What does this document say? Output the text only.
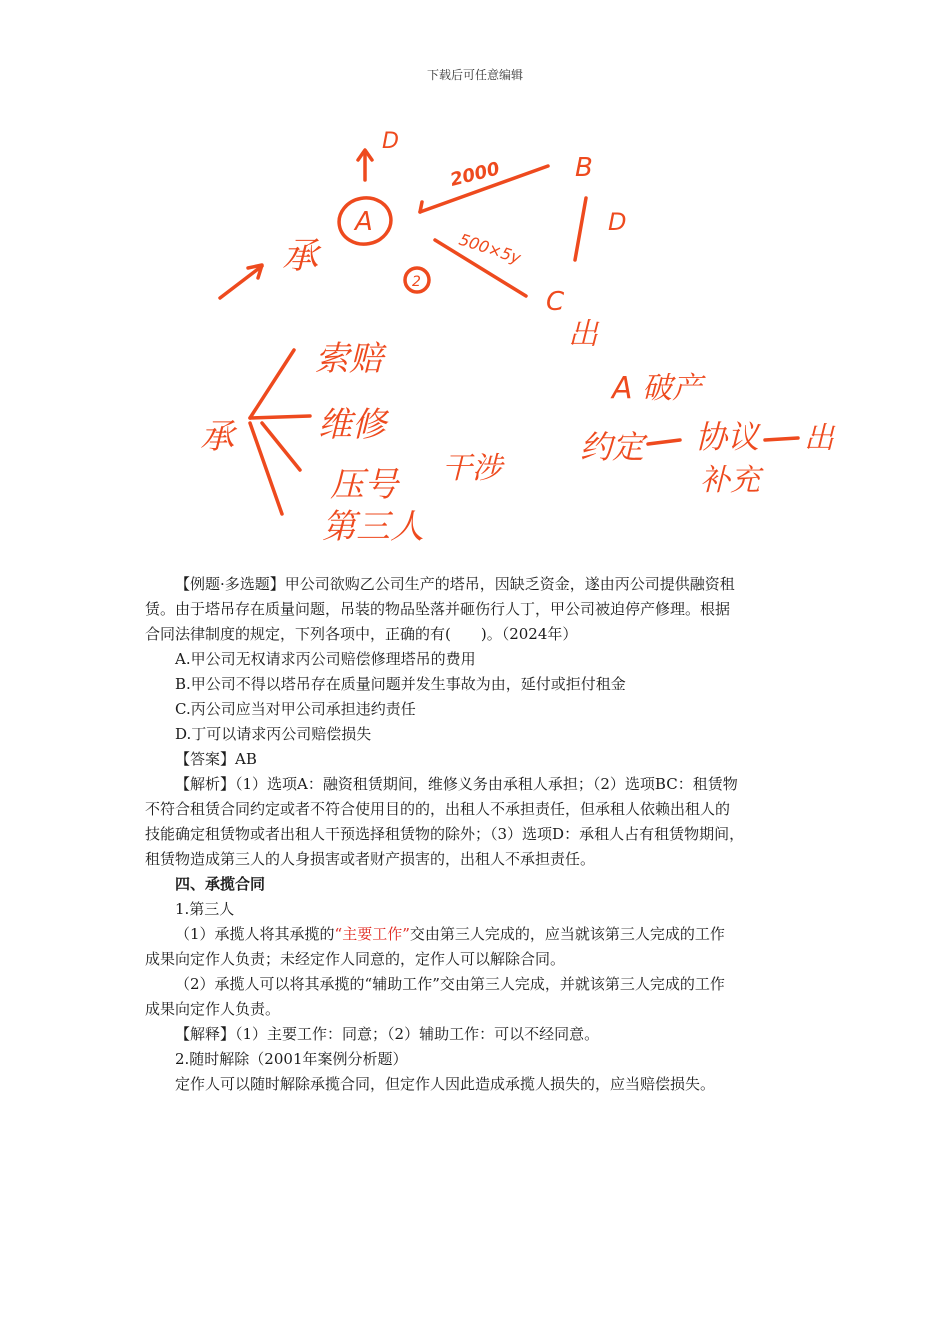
下载后可任意编辑
D
A
2000	B
承
D
500×5y
2
C
出
索赔
承 维修
压号 干涉
第三人
A 破产
约定 协议
补充
出

【例题·多选题】甲公司欲购乙公司生产的塔吊，因缺乏资金，遂由丙公司提供融资租

赁。由于塔吊存在质量问题，吊装的物品坠落并砸伤行人丁，甲公司被迫停产修理。根据

合同法律制度的规定，下列各项中，正确的有(　　)。（2024年）

A.甲公司无权请求丙公司赔偿修理塔吊的费用

B.甲公司不得以塔吊存在质量问题并发生事故为由，延付或拒付租金

C.丙公司应当对甲公司承担违约责任

D.丁可以请求丙公司赔偿损失

【答案】AB

【解析】（1）选项A：融资租赁期间，维修义务由承租人承担；（2）选项BC：租赁物

不符合租赁合同约定或者不符合使用目的的，出租人不承担责任，但承租人依赖出租人的

技能确定租赁物或者出租人干预选择租赁物的除外；（3）选项D：承租人占有租赁物期间，

租赁物造成第三人的人身损害或者财产损害的，出租人不承担责任。

四、承揽合同

1.第三人

（1）承揽人将其承揽的“主要工作”交由第三人完成的，应当就该第三人完成的工作

成果向定作人负责；未经定作人同意的，定作人可以解除合同。

（2）承揽人可以将其承揽的“辅助工作”交由第三人完成，并就该第三人完成的工作

成果向定作人负责。

【解释】（1）主要工作：同意；（2）辅助工作：可以不经同意。

2.随时解除（2001年案例分析题）

定作人可以随时解除承揽合同，但定作人因此造成承揽人损失的，应当赔偿损失。
